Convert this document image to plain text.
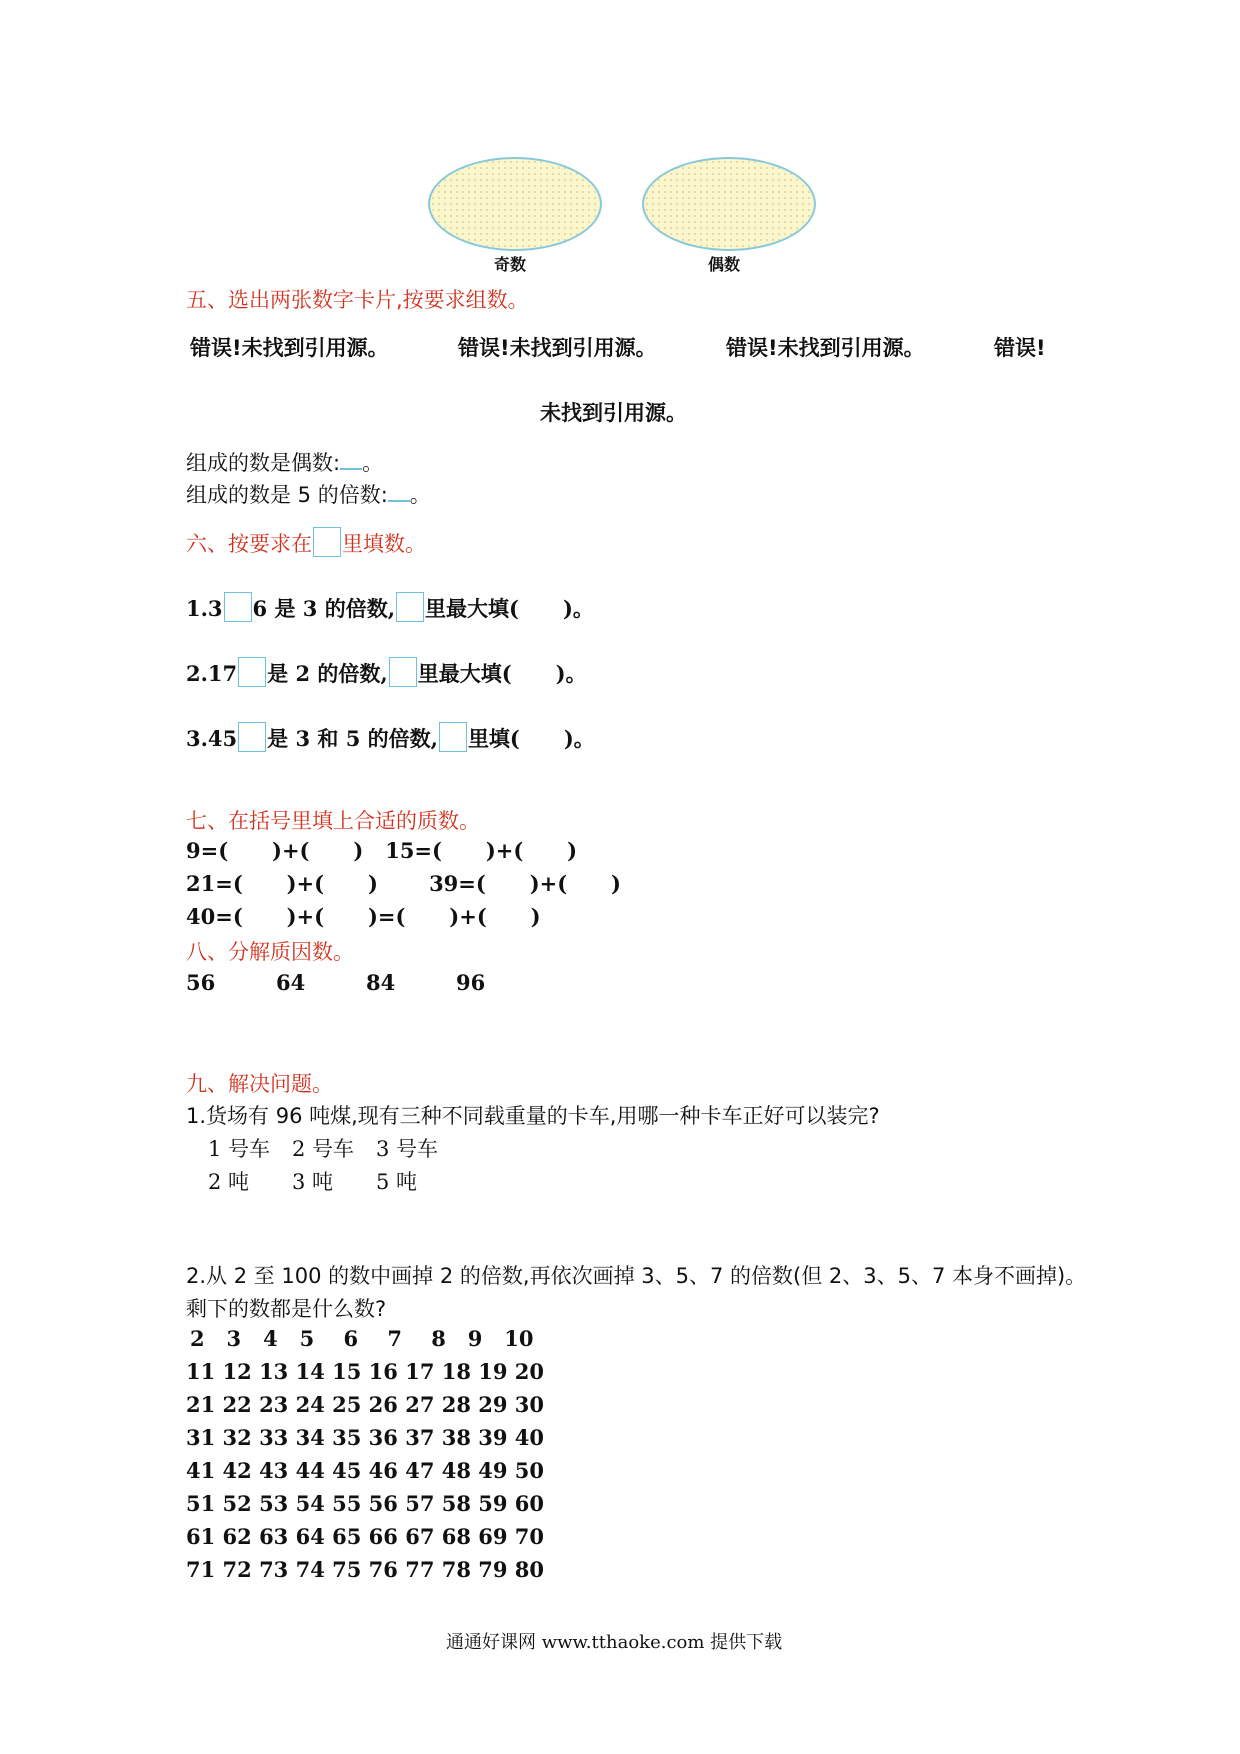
奇数	偶数
五、选出两张数字卡片,按要求组数。
错误!未找到引用源。	错误!未找到引用源。	错误!未找到引用源。	错误!
未找到引用源。
组成的数是偶数: 。
组成的数是 5 的倍数: 。
六、按要求在 里填数。
1.3 6 是 3 的倍数, 里最大填( )。
2.17 是 2 的倍数, 里最大填( )。
3.45 是 3 和 5 的倍数, 里填( )。
七、在括号里填上合适的质数。
9=(      )+(      )   15=(      )+(      )
21=(      )+(      )       39=(      )+(      )
40=(      )+(      )=(      )+(      )
八、分解质因数。
56	64	84	96
九、解决问题。
1.货场有 96 吨煤,现有三种不同载重量的卡车,用哪一种卡车正好可以装完?
1 号车 2 号车 3 号车
2 吨 3 吨 5 吨
2.从 2 至 100 的数中画掉 2 的倍数,再依次画掉 3、5、7 的倍数(但 2、3、5、7 本身不画掉)。
剩下的数都是什么数?
2   3   4   5    6    7    8   9   10
11 12 13 14 15 16 17 18 19 20
21 22 23 24 25 26 27 28 29 30
31 32 33 34 35 36 37 38 39 40
41 42 43 44 45 46 47 48 49 50
51 52 53 54 55 56 57 58 59 60
61 62 63 64 65 66 67 68 69 70
71 72 73 74 75 76 77 78 79 80
通通好课网 www.tthaoke.com 提供下载
